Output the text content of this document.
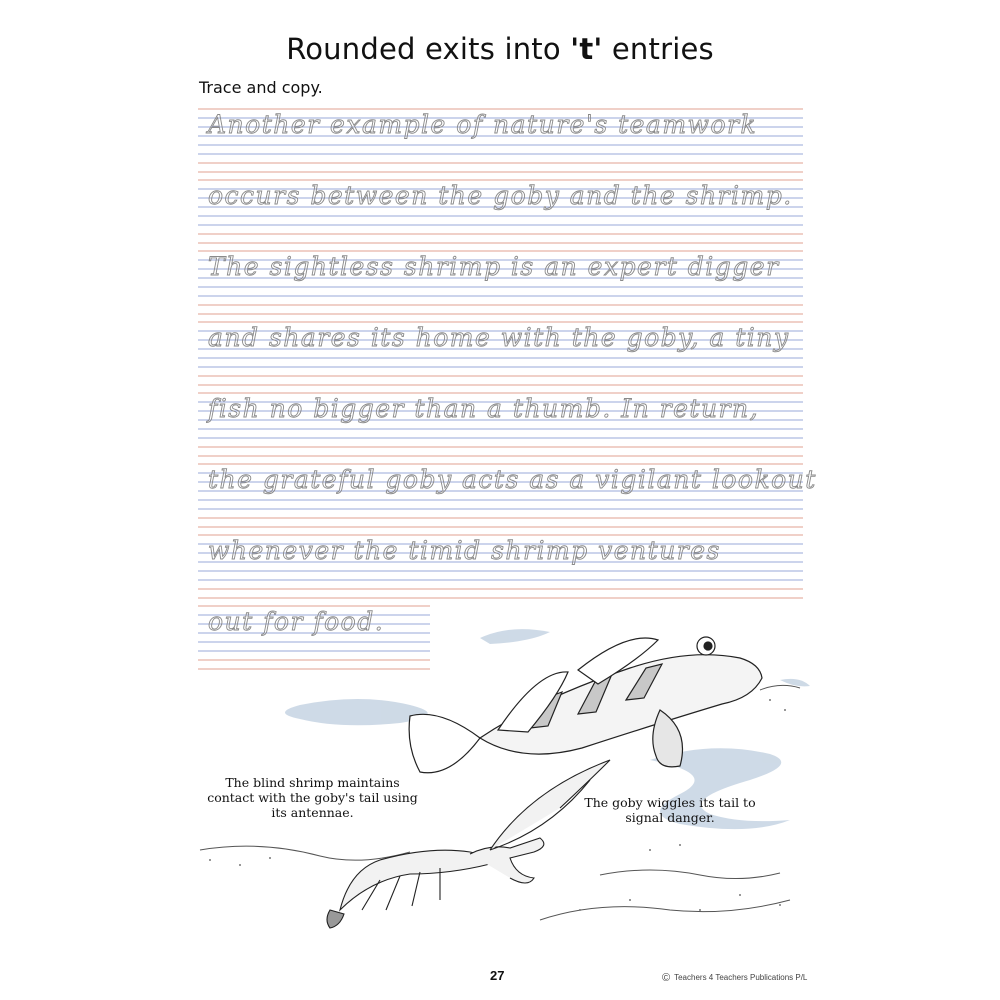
Rounded exits into 't' entries
Trace and copy.
Another example of nature's teamwork
occurs between the goby and the shrimp.
The sightless shrimp is an expert digger
and shares its home with the goby, a tiny
fish no bigger than a thumb. In return,
the grateful goby acts as a vigilant lookout
whenever the timid shrimp ventures
out for food.
The blind shrimp maintains contact with the goby's tail using its antennae.
The goby wiggles its tail to signal danger.
27	© Teachers 4 Teachers Publications P/L
